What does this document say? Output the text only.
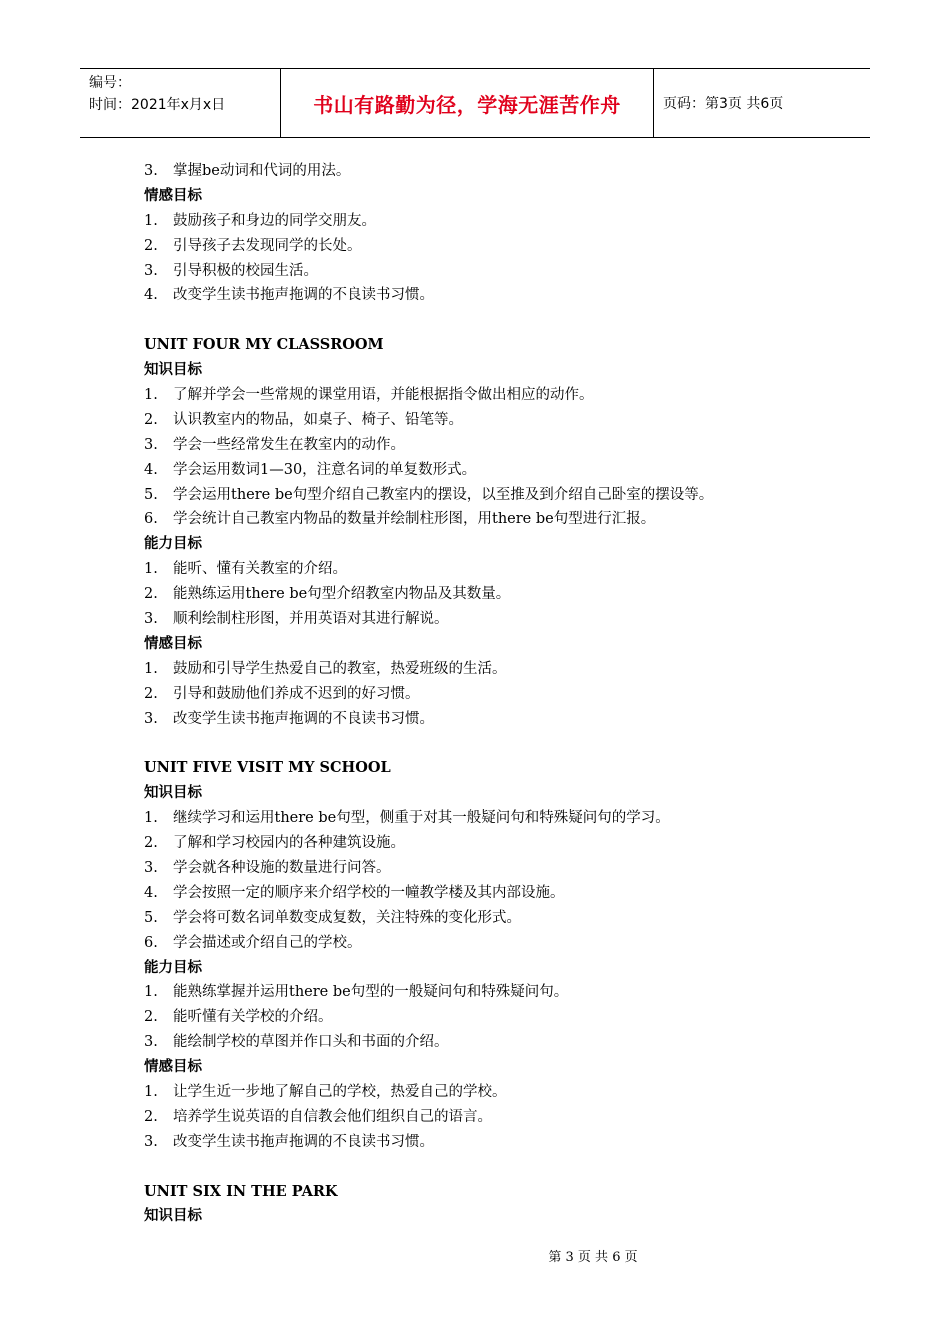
编号：
时间：2021年x月x日	书山有路勤为径，学海无涯苦作舟	页码：第3页 共6页
3. 掌握be动词和代词的用法。
情感目标
1. 鼓励孩子和身边的同学交朋友。
2. 引导孩子去发现同学的长处。
3. 引导积极的校园生活。
4. 改变学生读书拖声拖调的不良读书习惯。
UNIT FOUR MY CLASSROOM
知识目标
1. 了解并学会一些常规的课堂用语，并能根据指令做出相应的动作。
2. 认识教室内的物品，如桌子、椅子、铅笔等。
3. 学会一些经常发生在教室内的动作。
4. 学会运用数词1—30，注意名词的单复数形式。
5. 学会运用there be句型介绍自己教室内的摆设，以至推及到介绍自己卧室的摆设等。
6. 学会统计自己教室内物品的数量并绘制柱形图，用there be句型进行汇报。
能力目标
1. 能听、懂有关教室的介绍。
2. 能熟练运用there be句型介绍教室内物品及其数量。
3. 顺利绘制柱形图，并用英语对其进行解说。
情感目标
1. 鼓励和引导学生热爱自己的教室，热爱班级的生活。
2. 引导和鼓励他们养成不迟到的好习惯。
3. 改变学生读书拖声拖调的不良读书习惯。
UNIT FIVE VISIT MY SCHOOL
知识目标
1. 继续学习和运用there be句型，侧重于对其一般疑问句和特殊疑问句的学习。
2. 了解和学习校园内的各种建筑设施。
3. 学会就各种设施的数量进行问答。
4. 学会按照一定的顺序来介绍学校的一幢教学楼及其内部设施。
5. 学会将可数名词单数变成复数，关注特殊的变化形式。
6. 学会描述或介绍自己的学校。
能力目标
1. 能熟练掌握并运用there be句型的一般疑问句和特殊疑问句。
2. 能听懂有关学校的介绍。
3. 能绘制学校的草图并作口头和书面的介绍。
情感目标
1. 让学生近一步地了解自己的学校，热爱自己的学校。
2. 培养学生说英语的自信教会他们组织自己的语言。
3. 改变学生读书拖声拖调的不良读书习惯。
UNIT SIX IN THE PARK
知识目标
第 3 页 共 6 页
